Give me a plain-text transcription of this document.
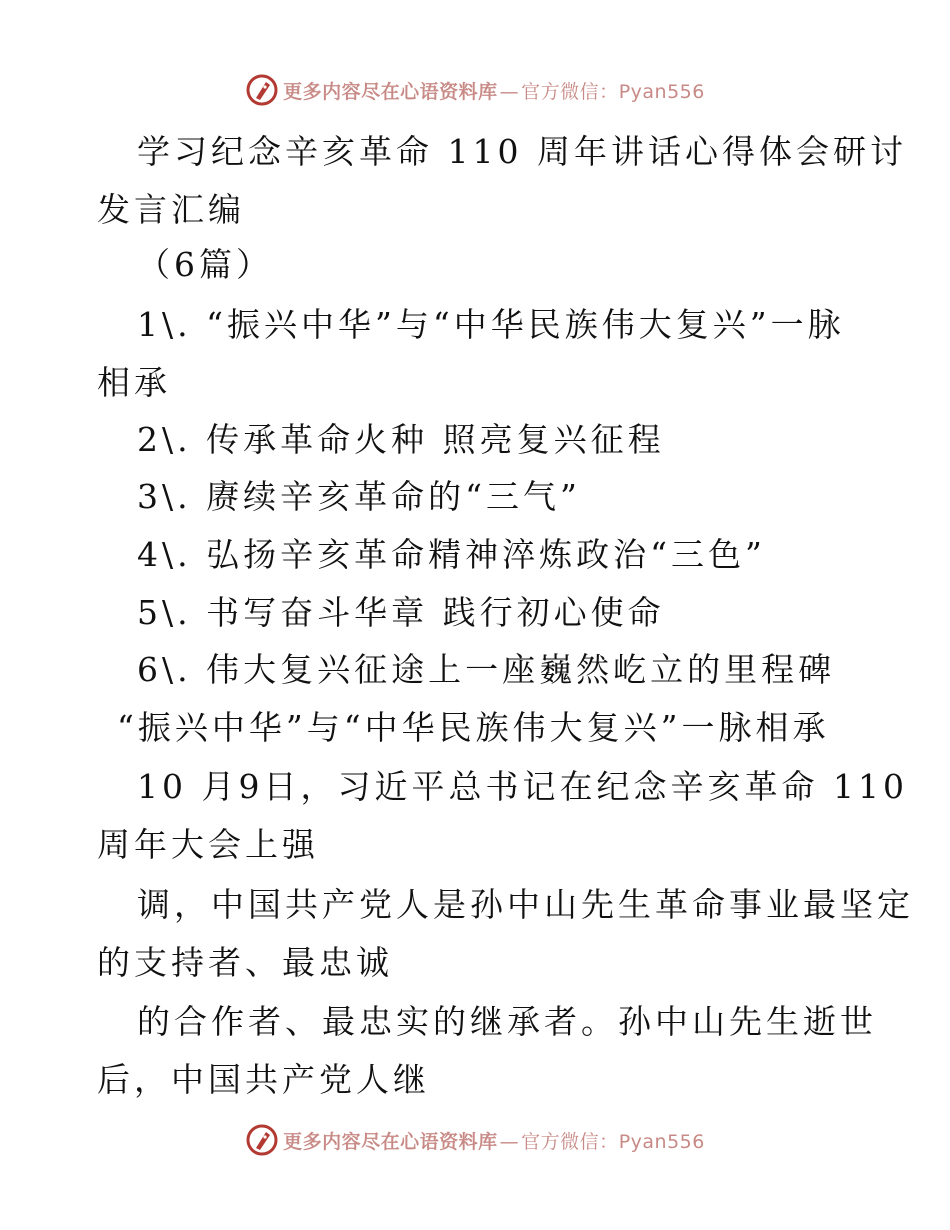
更多内容尽在心语资料库 — 官方微信：Pyan556
学习纪念辛亥革命 110 周年讲话心得体会研讨
发言汇编
（6篇）
1\. “振兴中华”与“中华民族伟大复兴”一脉
相承
2\. 传承革命火种 照亮复兴征程
3\. 赓续辛亥革命的“三气”
4\. 弘扬辛亥革命精神淬炼政治“三色”
5\. 书写奋斗华章 践行初心使命
6\. 伟大复兴征途上一座巍然屹立的里程碑
“振兴中华”与“中华民族伟大复兴”一脉相承
10 月9日，习近平总书记在纪念辛亥革命 110
周年大会上强
调，中国共产党人是孙中山先生革命事业最坚定
的支持者、最忠诚
的合作者、最忠实的继承者。孙中山先生逝世
后，中国共产党人继
更多内容尽在心语资料库 — 官方微信：Pyan556
